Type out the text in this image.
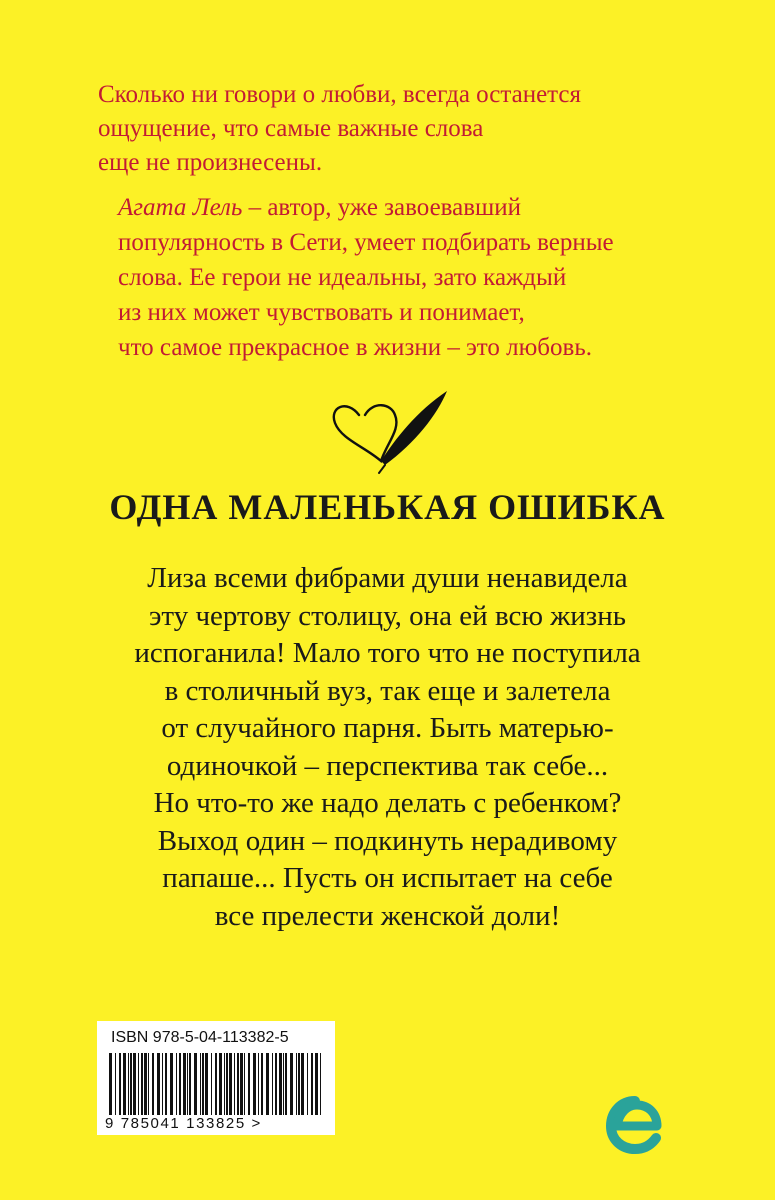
Сколько ни говори о любви, всегда останется
ощущение, что самые важные слова
еще не произнесены.

Агата Лель – автор, уже завоевавший
популярность в Сети, умеет подбирать верные
слова. Ее герои не идеальны, зато каждый
из них может чувствовать и понимает,
что самое прекрасное в жизни – это любовь.

ОДНА МАЛЕНЬКАЯ ОШИБКА

Лиза всеми фибрами души ненавидела
эту чертову столицу, она ей всю жизнь
испоганила! Мало того что не поступила
в столичный вуз, так еще и залетела
от случайного парня. Быть матерью-
одиночкой – перспектива так себе...
Но что-то же надо делать с ребенком?
Выход один – подкинуть нерадивому
папаше... Пусть он испытает на себе
все прелести женской доли!

ISBN 978-5-04-113382-5
9 785041 133825 >
